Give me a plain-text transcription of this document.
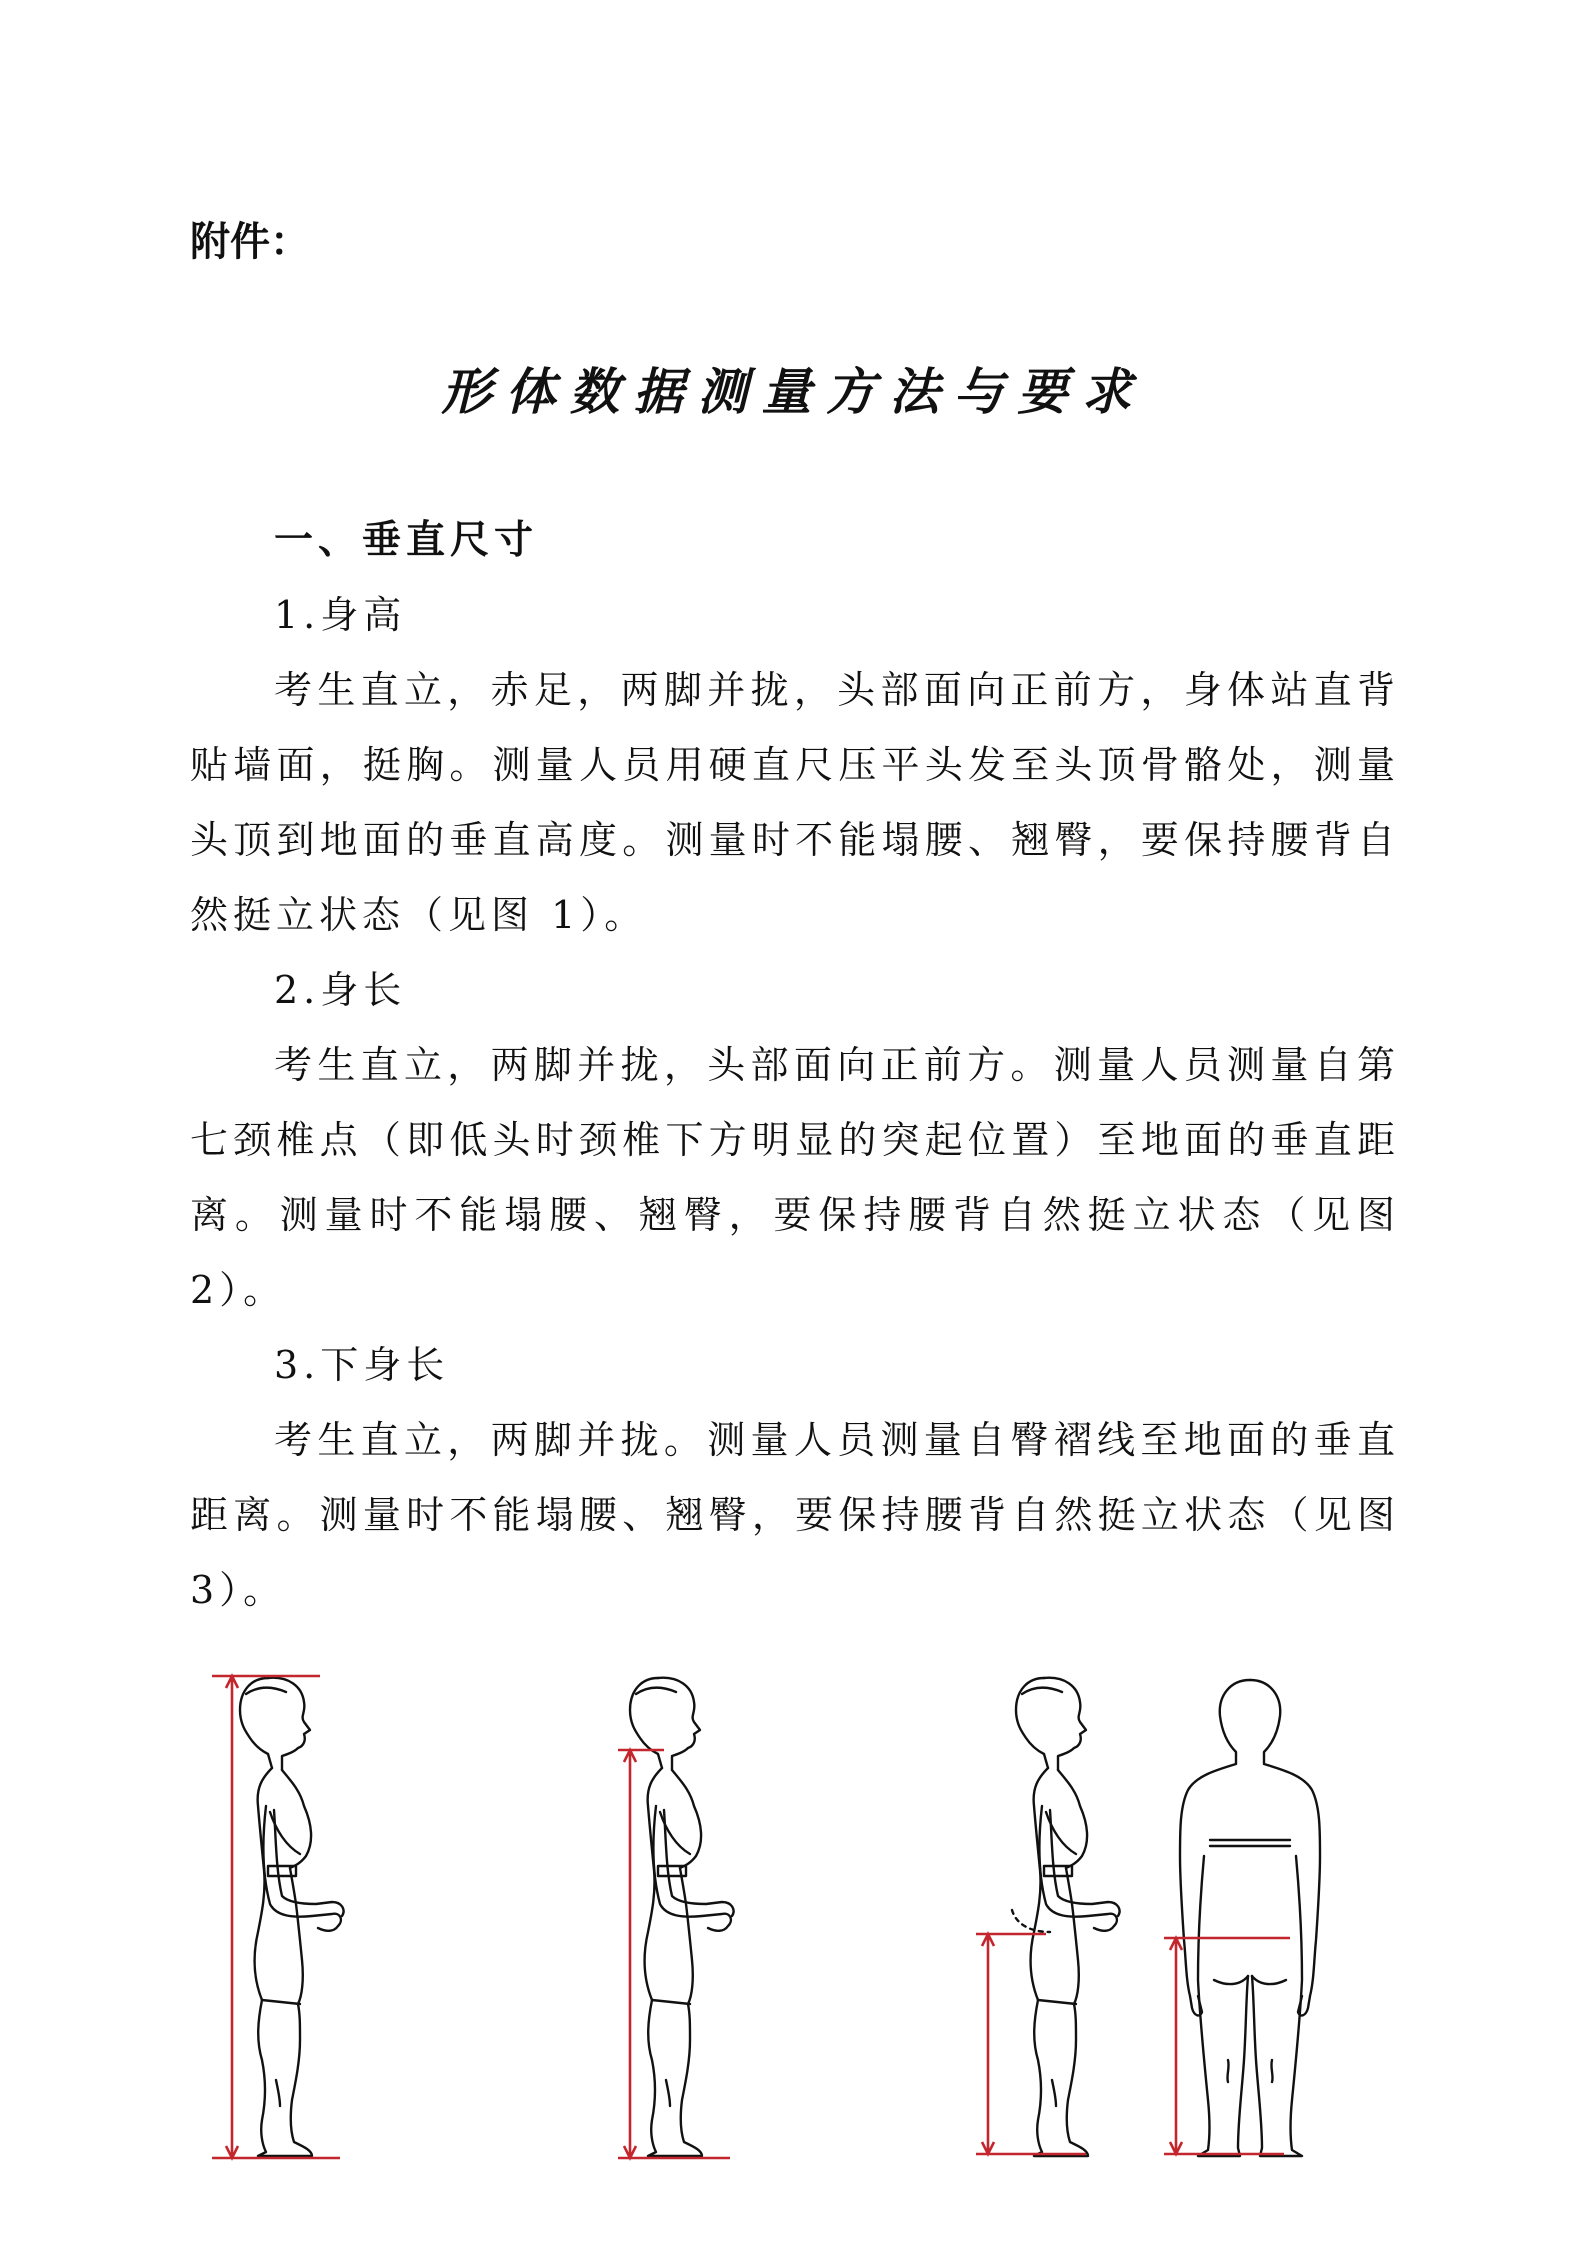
附件：
形体数据测量方法与要求

一、垂直尺寸

1.身高

考生直立，赤足，两脚并拢，头部面向正前方，身体站直背贴墙面，挺胸。测量人员用硬直尺压平头发至头顶骨骼处，测量头顶到地面的垂直高度。测量时不能塌腰、翘臀，要保持腰背自然挺立状态（见图 1）。

2.身长

考生直立，两脚并拢，头部面向正前方。测量人员测量自第七颈椎点（即低头时颈椎下方明显的突起位置）至地面的垂直距离。测量时不能塌腰、翘臀，要保持腰背自然挺立状态（见图 2）。

3.下身长

考生直立，两脚并拢。测量人员测量自臀褶线至地面的垂直距离。测量时不能塌腰、翘臀，要保持腰背自然挺立状态（见图 3）。
